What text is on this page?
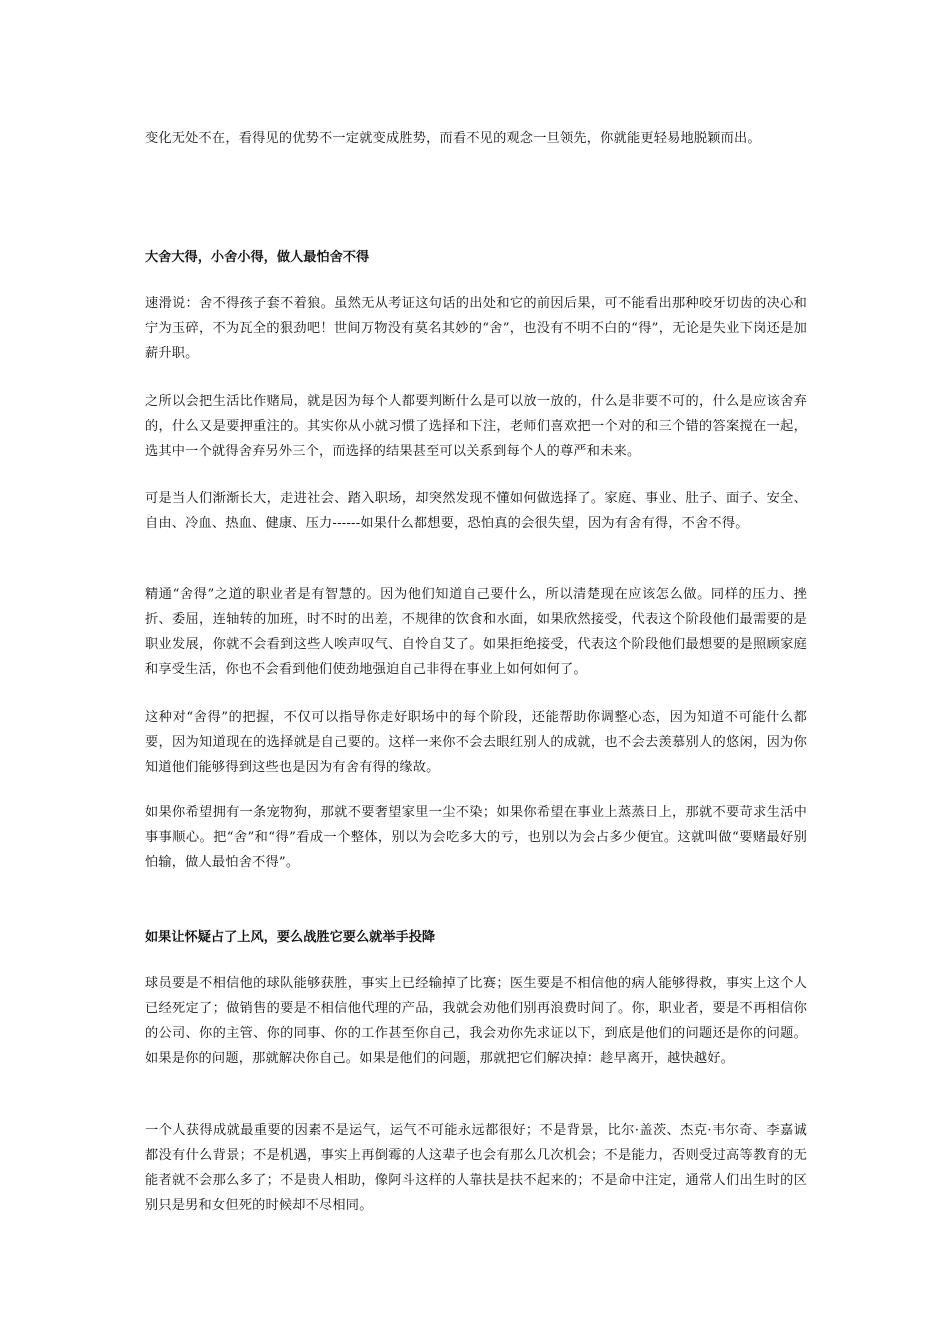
变化无处不在，看得见的优势不一定就变成胜势，而看不见的观念一旦领先，你就能更轻易地脱颖而出。

大舍大得，小舍小得，做人最怕舍不得

速滑说：舍不得孩子套不着狼。虽然无从考证这句话的出处和它的前因后果，可不能看出那种咬牙切齿的决心和宁为玉碎，不为瓦全的狠劲吧！世间万物没有莫名其妙的“舍”，也没有不明不白的“得”，无论是失业下岗还是加薪升职。

之所以会把生活比作赌局，就是因为每个人都要判断什么是可以放一放的，什么是非要不可的，什么是应该舍弃的，什么又是要押重注的。其实你从小就习惯了选择和下注，老师们喜欢把一个对的和三个错的答案搅在一起，选其中一个就得舍弃另外三个，而选择的结果甚至可以关系到每个人的尊严和未来。

可是当人们渐渐长大，走进社会、踏入职场，却突然发现不懂如何做选择了。家庭、事业、肚子、面子、安全、自由、冷血、热血、健康、压力------如果什么都想要，恐怕真的会很失望，因为有舍有得，不舍不得。

精通“舍得”之道的职业者是有智慧的。因为他们知道自己要什么，所以清楚现在应该怎么做。同样的压力、挫折、委屈，连轴转的加班，时不时的出差，不规律的饮食和水面，如果欣然接受，代表这个阶段他们最需要的是职业发展，你就不会看到这些人唉声叹气、自怜自艾了。如果拒绝接受，代表这个阶段他们最想要的是照顾家庭和享受生活，你也不会看到他们使劲地强迫自己非得在事业上如何如何了。

这种对“舍得”的把握，不仅可以指导你走好职场中的每个阶段，还能帮助你调整心态，因为知道不可能什么都要，因为知道现在的选择就是自己要的。这样一来你不会去眼红别人的成就，也不会去羡慕别人的悠闲，因为你知道他们能够得到这些也是因为有舍有得的缘故。

如果你希望拥有一条宠物狗，那就不要奢望家里一尘不染；如果你希望在事业上蒸蒸日上，那就不要苛求生活中事事顺心。把“舍”和“得”看成一个整体，别以为会吃多大的亏，也别以为会占多少便宜。这就叫做“要赌最好别怕输，做人最怕舍不得”。

如果让怀疑占了上风，要么战胜它要么就举手投降

球员要是不相信他的球队能够获胜，事实上已经输掉了比赛；医生要是不相信他的病人能够得救，事实上这个人已经死定了；做销售的要是不相信他代理的产品，我就会劝他们别再浪费时间了。你，职业者，要是不再相信你的公司、你的主管、你的同事、你的工作甚至你自己，我会劝你先求证以下，到底是他们的问题还是你的问题。如果是你的问题，那就解决你自己。如果是他们的问题，那就把它们解决掉：趁早离开，越快越好。

一个人获得成就最重要的因素不是运气，运气不可能永远都很好；不是背景，比尔·盖茨、杰克·韦尔奇、李嘉诚都没有什么背景；不是机遇，事实上再倒霉的人这辈子也会有那么几次机会；不是能力，否则受过高等教育的无能者就不会那么多了；不是贵人相助，像阿斗这样的人靠扶是扶不起来的；不是命中注定，通常人们出生时的区别只是男和女但死的时候却不尽相同。
